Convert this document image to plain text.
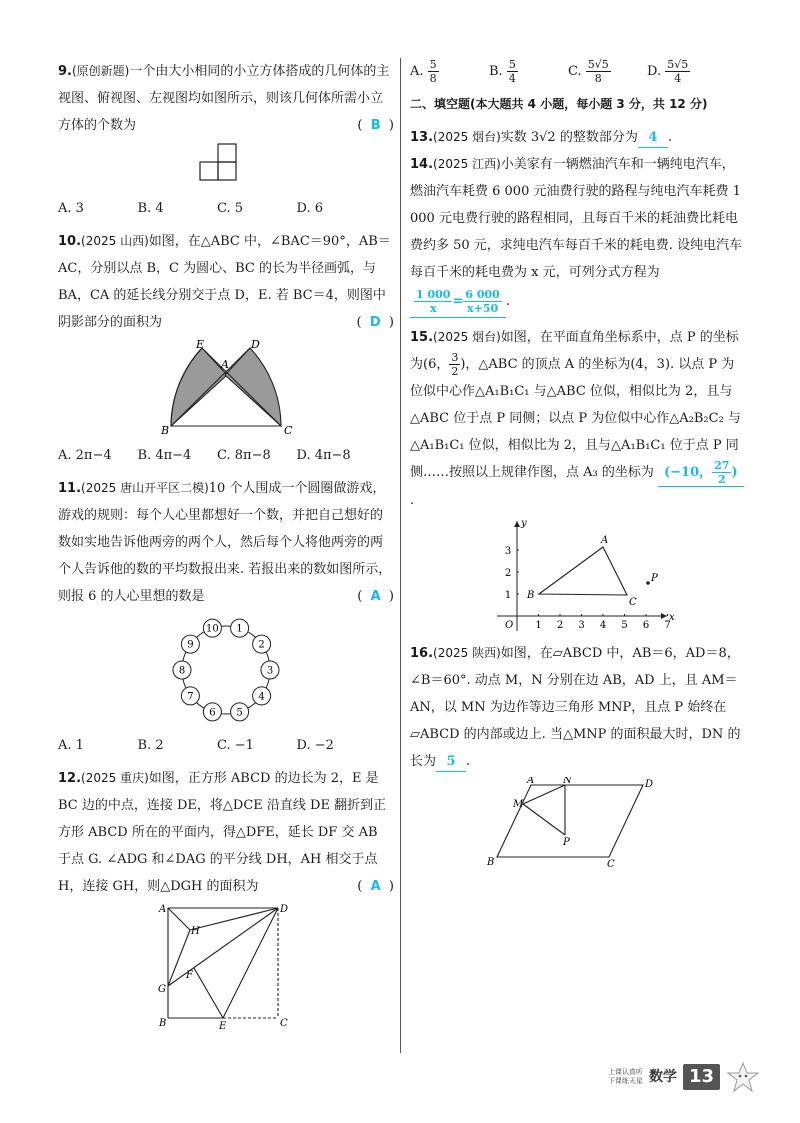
9.(原创新题)一个由大小相同的小立方体搭成的几何体的主视图、俯视图、左视图均如图所示，则该几何体所需小立方体的个数为	(  B  )
A. 3	B. 4	C. 5	D. 6
10.(2025 山西)如图，在△ABC 中，∠BAC＝90°，AB＝AC，分别以点 B，C 为圆心、BC 的长为半径画弧，与 BA，CA 的延长线分别交于点 D，E. 若 BC＝4，则图中阴影部分的面积为	(  D  )
E	D
A
B	C
A. 2π−4	B. 4π−4	C. 8π−8	D. 4π−8
11.(2025 唐山开平区二模)10 个人围成一个圆圈做游戏，游戏的规则：每个人心里都想好一个数，并把自己想好的数如实地告诉他两旁的两个人，然后每个人将他两旁的两个人告诉他的数的平均数报出来. 若报出来的数如图所示，则报 6 的人心里想的数是	(  A  )
1
2
3
4
5
6
7
8
9
10
A. 1	B. 2	C. −1	D. −2
12.(2025 重庆)如图，正方形 ABCD 的边长为 2，E 是 BC 边的中点，连接 DE，将△DCE 沿直线 DE 翻折到正方形 ABCD 所在的平面内，得△DFE，延长 DF 交 AB 于点 G. ∠ADG 和∠DAG 的平分线 DH，AH 相交于点 H，连接 GH，则△DGH 的面积为	(  A  )
A	D
B	C
E
F
G
H
A. $\frac{5}{8}$	B. $\frac{5}{4}$	C. $\frac{5√5}{8}$	D. $\frac{5√5}{4}$
二、填空题(本大题共 4 小题，每小题 3 分，共 12 分)
13.(2025 烟台)实数 3√2 的整数部分为 4 .
14.(2025 江西)小美家有一辆燃油汽车和一辆纯电汽车，燃油汽车耗费 6 000 元油费行驶的路程与纯电汽车耗费 1 000 元电费行驶的路程相同，且每百千米的耗油费比耗电费约多 50 元，求纯电汽车每百千米的耗电费. 设纯电汽车每百千米的耗电费为 x 元，可列分式方程为
$\frac{1 000}{x} = \frac{6 000}{x+50}$ .
15.(2025 烟台)如图，在平面直角坐标系中，点 P 的坐标为(6， $\frac{3}{2}$ )，△ABC 的顶点 A 的坐标为(4，3). 以点 P 为位似中心作△A₁B₁C₁ 与△ABC 位似，相似比为 2，且与△ABC 位于点 P 同侧；以点 P 为位似中心作△A₂B₂C₂ 与△A₁B₁C₁ 位似，相似比为 2，且与△A₁B₁C₁ 位于点 P 同侧……按照以上规律作图，点 A₃ 的坐标为 (−10， $\frac{27}{2}$ ).
1 2 3 4 5 6 7
1
2
3
x
y
O
B
A
C
P
16.(2025 陕西)如图，在▱ABCD 中，AB＝6，AD＝8，∠B＝60°. 动点 M，N 分别在边 AB，AD 上，且 AM＝AN，以 MN 为边作等边三角形 MNP，且点 P 始终在▱ABCD 的内部或边上. 当△MNP 的面积最大时，DN 的长为 5 .
A	N	D
M
P
B	C
上课认真听
下课练天星 数学 13
